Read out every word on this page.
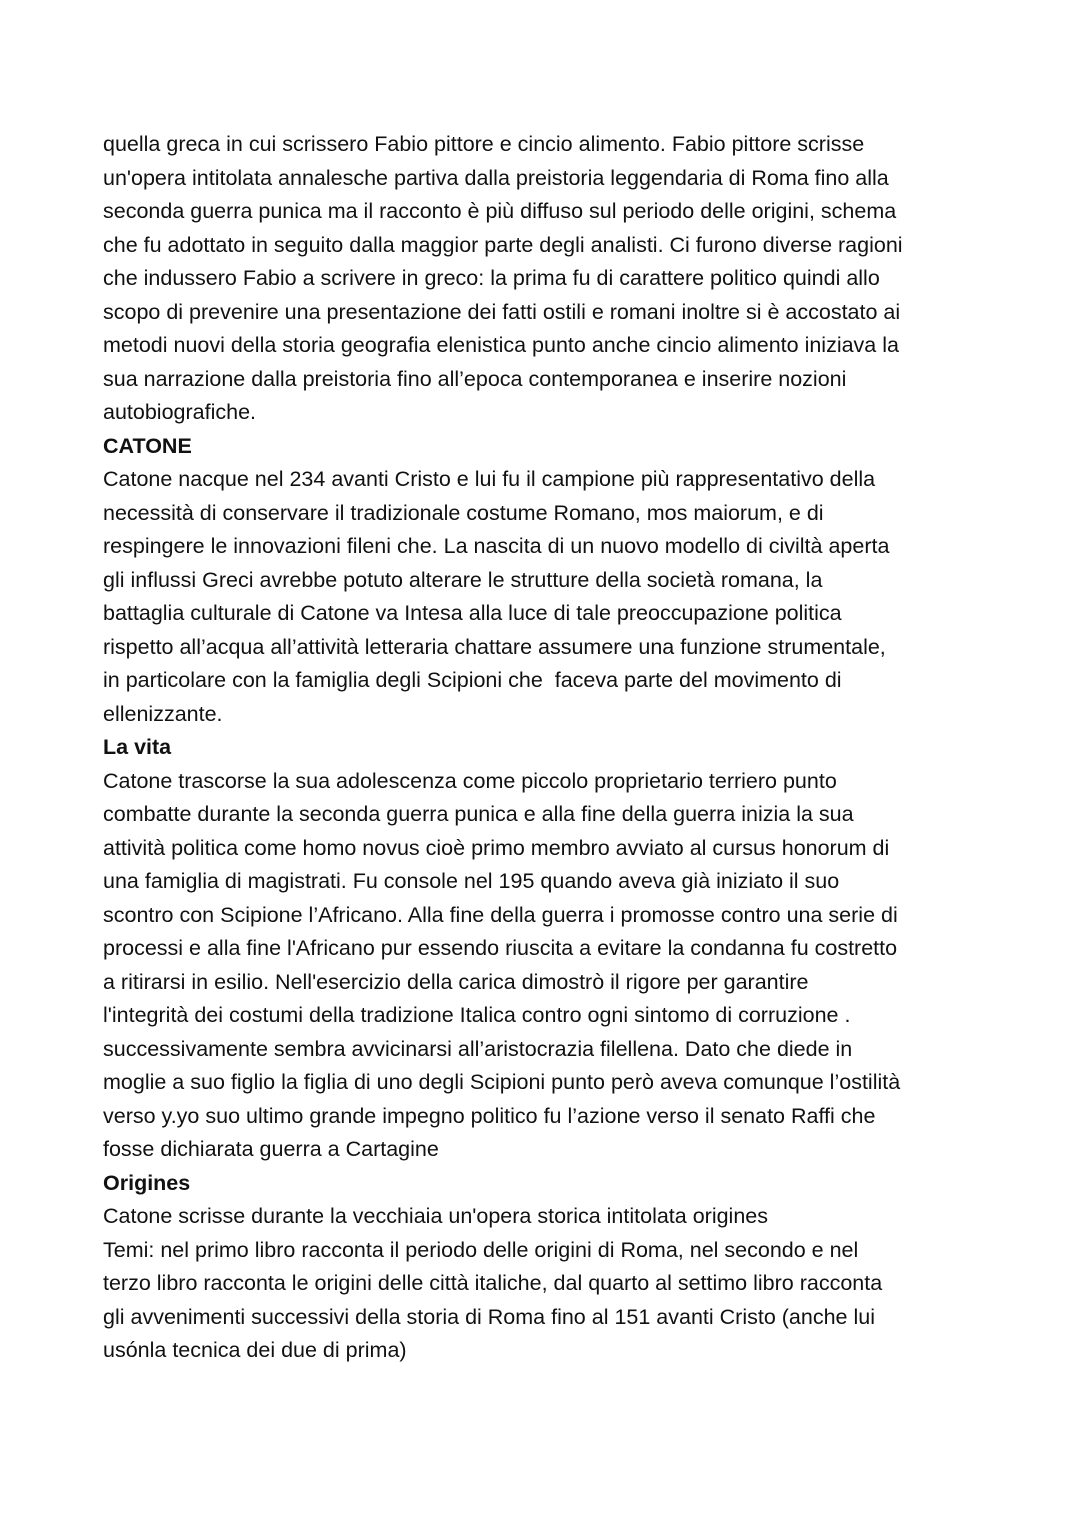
quella greca in cui scrissero Fabio pittore e cincio alimento. Fabio pittore scrisse
un'opera intitolata annalesche partiva dalla preistoria leggendaria di Roma fino alla
seconda guerra punica ma il racconto è più diffuso sul periodo delle origini, schema
che fu adottato in seguito dalla maggior parte degli analisti. Ci furono diverse ragioni
che indussero Fabio a scrivere in greco: la prima fu di carattere politico quindi allo
scopo di prevenire una presentazione dei fatti ostili e romani inoltre si è accostato ai
metodi nuovi della storia geografia elenistica punto anche cincio alimento iniziava la
sua narrazione dalla preistoria fino all’epoca contemporanea e inserire nozioni
autobiografiche.
CATONE
Catone nacque nel 234 avanti Cristo e lui fu il campione più rappresentativo della
necessità di conservare il tradizionale costume Romano, mos maiorum, e di
respingere le innovazioni fileni che. La nascita di un nuovo modello di civiltà aperta
gli influssi Greci avrebbe potuto alterare le strutture della società romana, la
battaglia culturale di Catone va Intesa alla luce di tale preoccupazione politica
rispetto all’acqua all’attività letteraria chattare assumere una funzione strumentale,
in particolare con la famiglia degli Scipioni che  faceva parte del movimento di
ellenizzante.
La vita
Catone trascorse la sua adolescenza come piccolo proprietario terriero punto
combatte durante la seconda guerra punica e alla fine della guerra inizia la sua
attività politica come homo novus cioè primo membro avviato al cursus honorum di
una famiglia di magistrati. Fu console nel 195 quando aveva già iniziato il suo
scontro con Scipione l’Africano. Alla fine della guerra i promosse contro una serie di
processi e alla fine l'Africano pur essendo riuscita a evitare la condanna fu costretto
a ritirarsi in esilio. Nell'esercizio della carica dimostrò il rigore per garantire
l'integrità dei costumi della tradizione Italica contro ogni sintomo di corruzione .
successivamente sembra avvicinarsi all’aristocrazia filellena. Dato che diede in
moglie a suo figlio la figlia di uno degli Scipioni punto però aveva comunque l’ostilità
verso y.yo suo ultimo grande impegno politico fu l’azione verso il senato Raffi che
fosse dichiarata guerra a Cartagine
Origines
Catone scrisse durante la vecchiaia un'opera storica intitolata origines
Temi: nel primo libro racconta il periodo delle origini di Roma, nel secondo e nel
terzo libro racconta le origini delle città italiche, dal quarto al settimo libro racconta
gli avvenimenti successivi della storia di Roma fino al 151 avanti Cristo (anche lui
usónla tecnica dei due di prima)
